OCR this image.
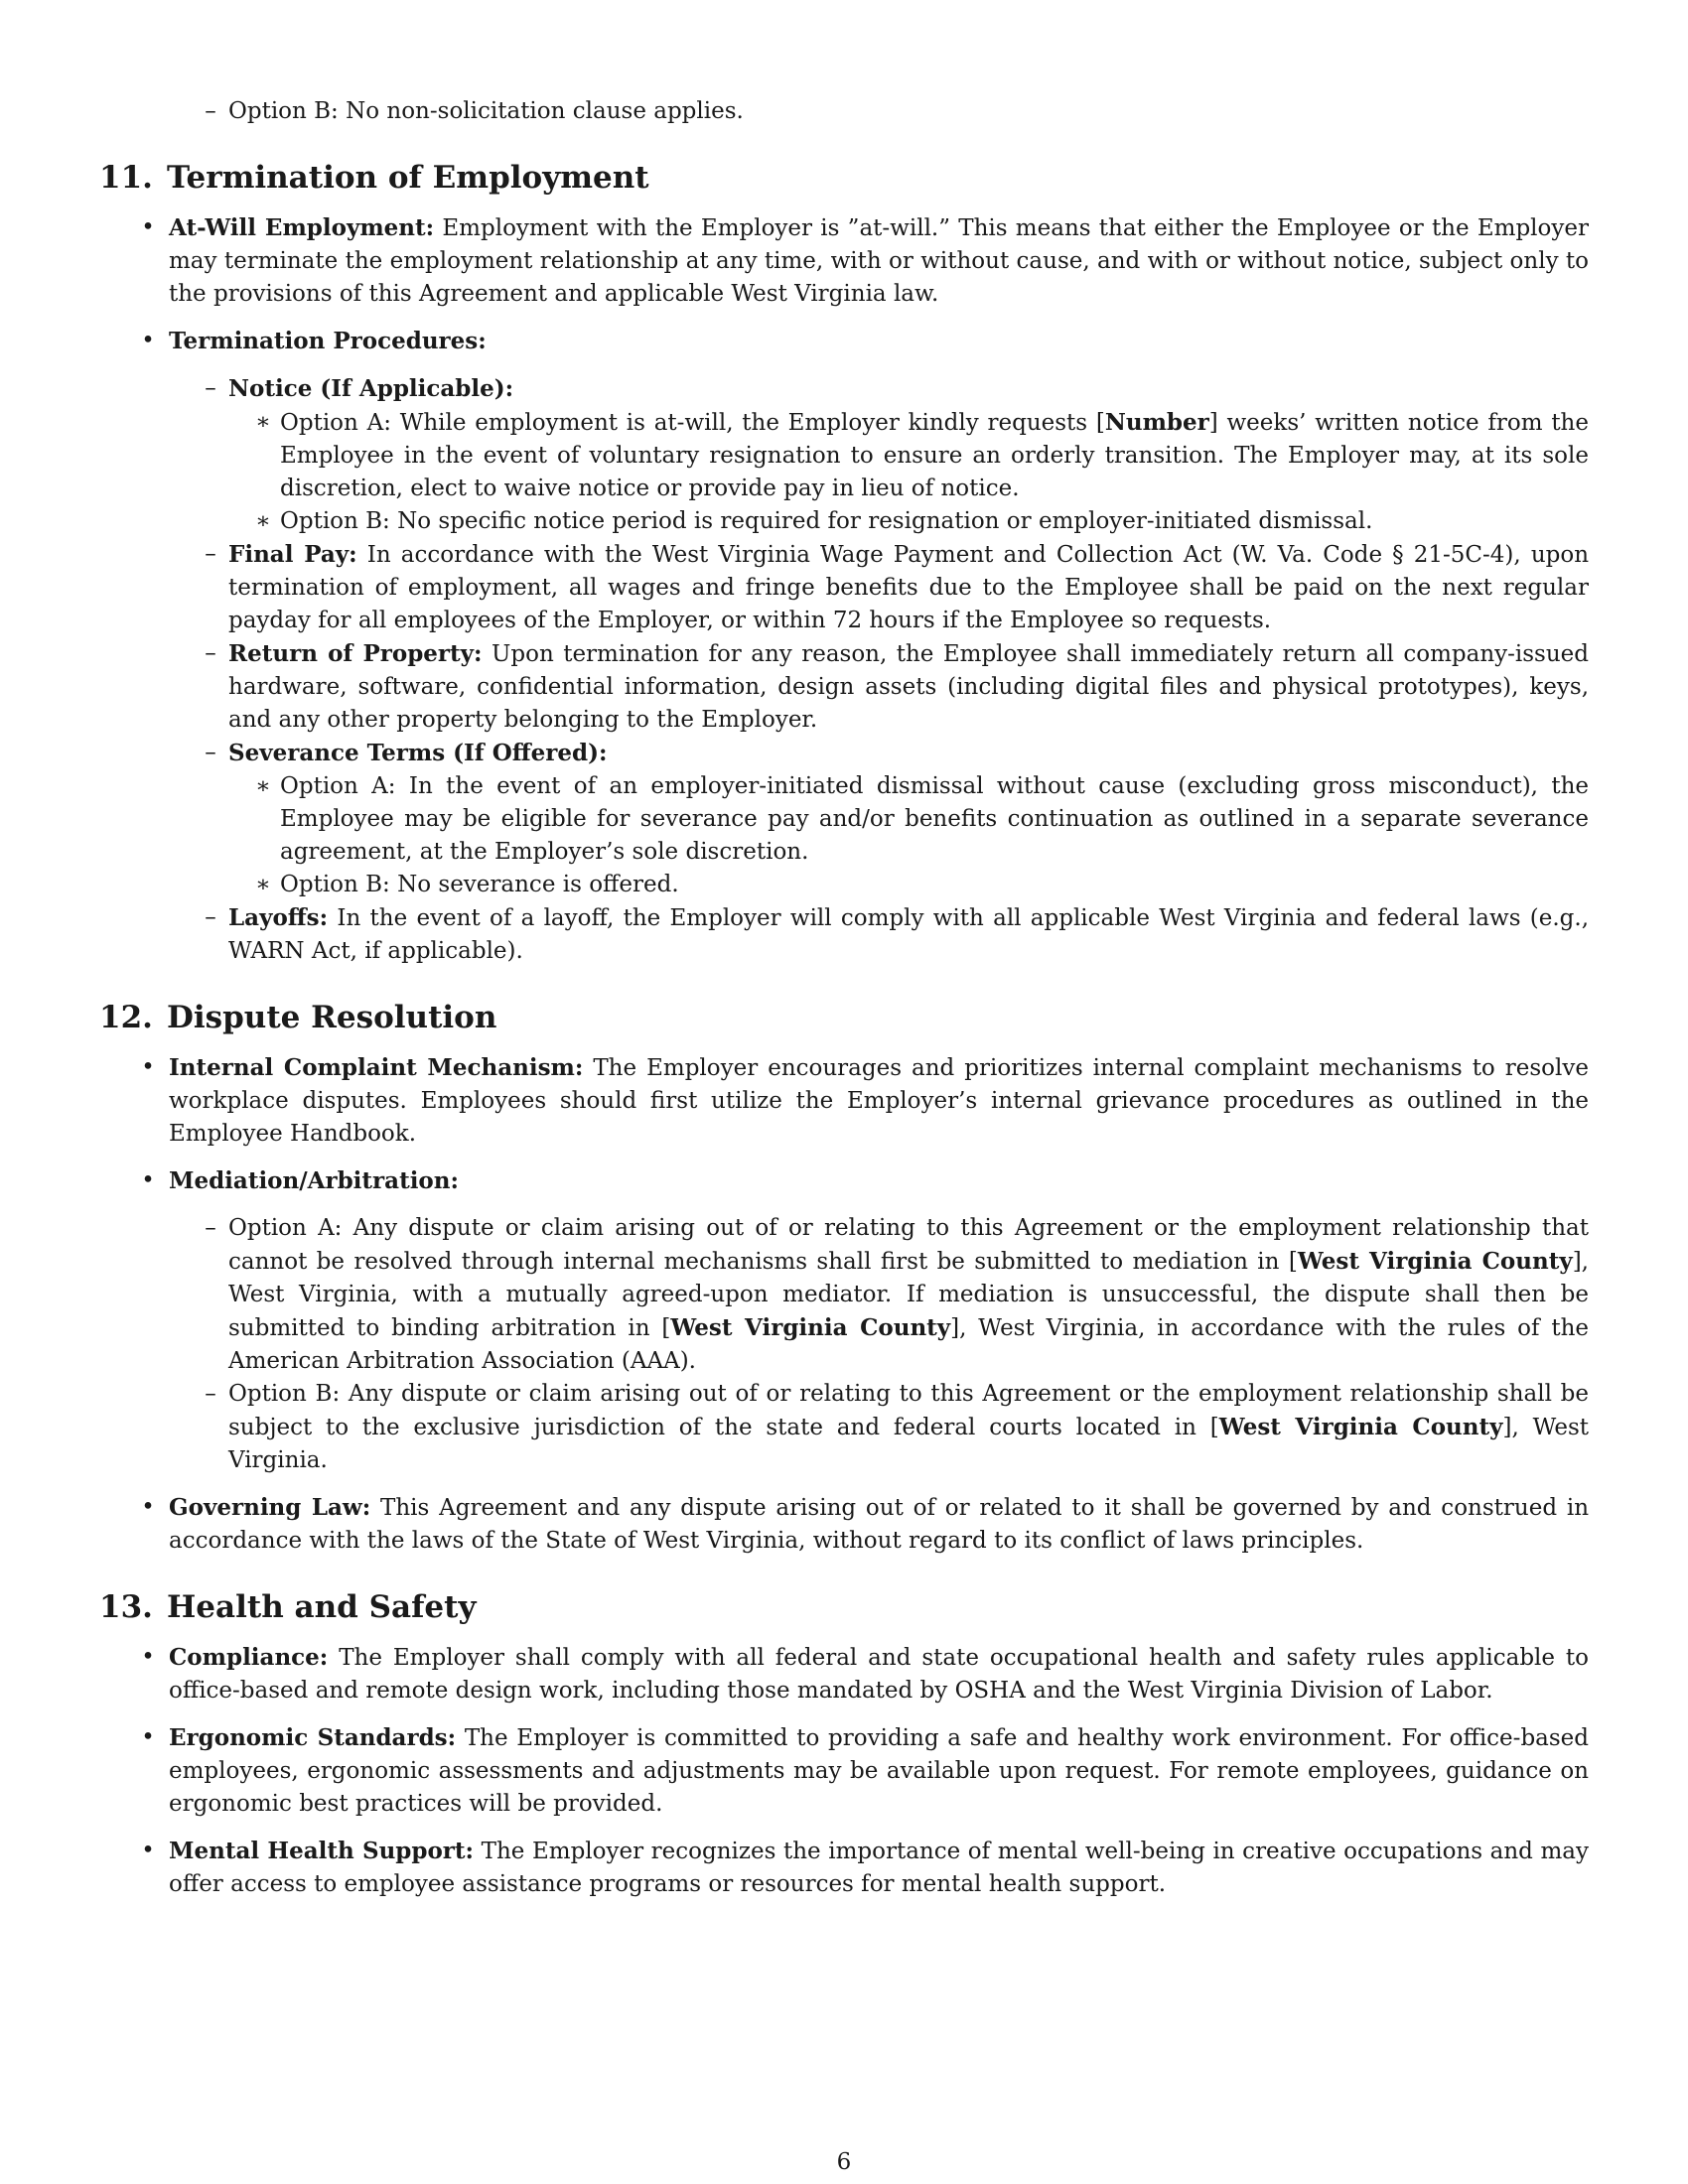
– Option B: No non-solicitation clause applies.
11. Termination of Employment
• At-Will Employment: Employment with the Employer is ”at-will.” This means that either the Employee or the Employer may terminate the employment relationship at any time, with or without cause, and with or without notice, subject only to the provisions of this Agreement and applicable West Virginia law.
• Termination Procedures:
– Notice (If Applicable):
∗ Option A: While employment is at-will, the Employer kindly requests [Number] weeks’ written notice from the Employee in the event of voluntary resignation to ensure an orderly transition. The Employer may, at its sole discretion, elect to waive notice or provide pay in lieu of notice.
∗ Option B: No specific notice period is required for resignation or employer-initiated dismissal.
– Final Pay: In accordance with the West Virginia Wage Payment and Collection Act (W. Va. Code § 21-5C-4), upon termination of employment, all wages and fringe benefits due to the Employee shall be paid on the next regular payday for all employees of the Employer, or within 72 hours if the Employee so requests.
– Return of Property: Upon termination for any reason, the Employee shall immediately return all company-issued hardware, software, confidential information, design assets (including digital files and physical prototypes), keys, and any other property belonging to the Employer.
– Severance Terms (If Offered):
∗ Option A: In the event of an employer-initiated dismissal without cause (excluding gross misconduct), the Employee may be eligible for severance pay and/or benefits continuation as outlined in a separate severance agreement, at the Employer’s sole discretion.
∗ Option B: No severance is offered.
– Layoffs: In the event of a layoff, the Employer will comply with all applicable West Virginia and federal laws (e.g., WARN Act, if applicable).
12. Dispute Resolution
• Internal Complaint Mechanism: The Employer encourages and prioritizes internal complaint mechanisms to resolve workplace disputes. Employees should first utilize the Employer’s internal grievance procedures as outlined in the Employee Handbook.
• Mediation/Arbitration:
– Option A: Any dispute or claim arising out of or relating to this Agreement or the employment relationship that cannot be resolved through internal mechanisms shall first be submitted to mediation in [West Virginia County], West Virginia, with a mutually agreed-upon mediator. If mediation is unsuccessful, the dispute shall then be submitted to binding arbitration in [West Virginia County], West Virginia, in accordance with the rules of the American Arbitration Association (AAA).
– Option B: Any dispute or claim arising out of or relating to this Agreement or the employment relationship shall be subject to the exclusive jurisdiction of the state and federal courts located in [West Virginia County], West Virginia.
• Governing Law: This Agreement and any dispute arising out of or related to it shall be governed by and construed in accordance with the laws of the State of West Virginia, without regard to its conflict of laws principles.
13. Health and Safety
• Compliance: The Employer shall comply with all federal and state occupational health and safety rules applicable to office-based and remote design work, including those mandated by OSHA and the West Virginia Division of Labor.
• Ergonomic Standards: The Employer is committed to providing a safe and healthy work environment. For office-based employees, ergonomic assessments and adjustments may be available upon request. For remote employees, guidance on ergonomic best practices will be provided.
• Mental Health Support: The Employer recognizes the importance of mental well-being in creative occupations and may offer access to employee assistance programs or resources for mental health support.
6
